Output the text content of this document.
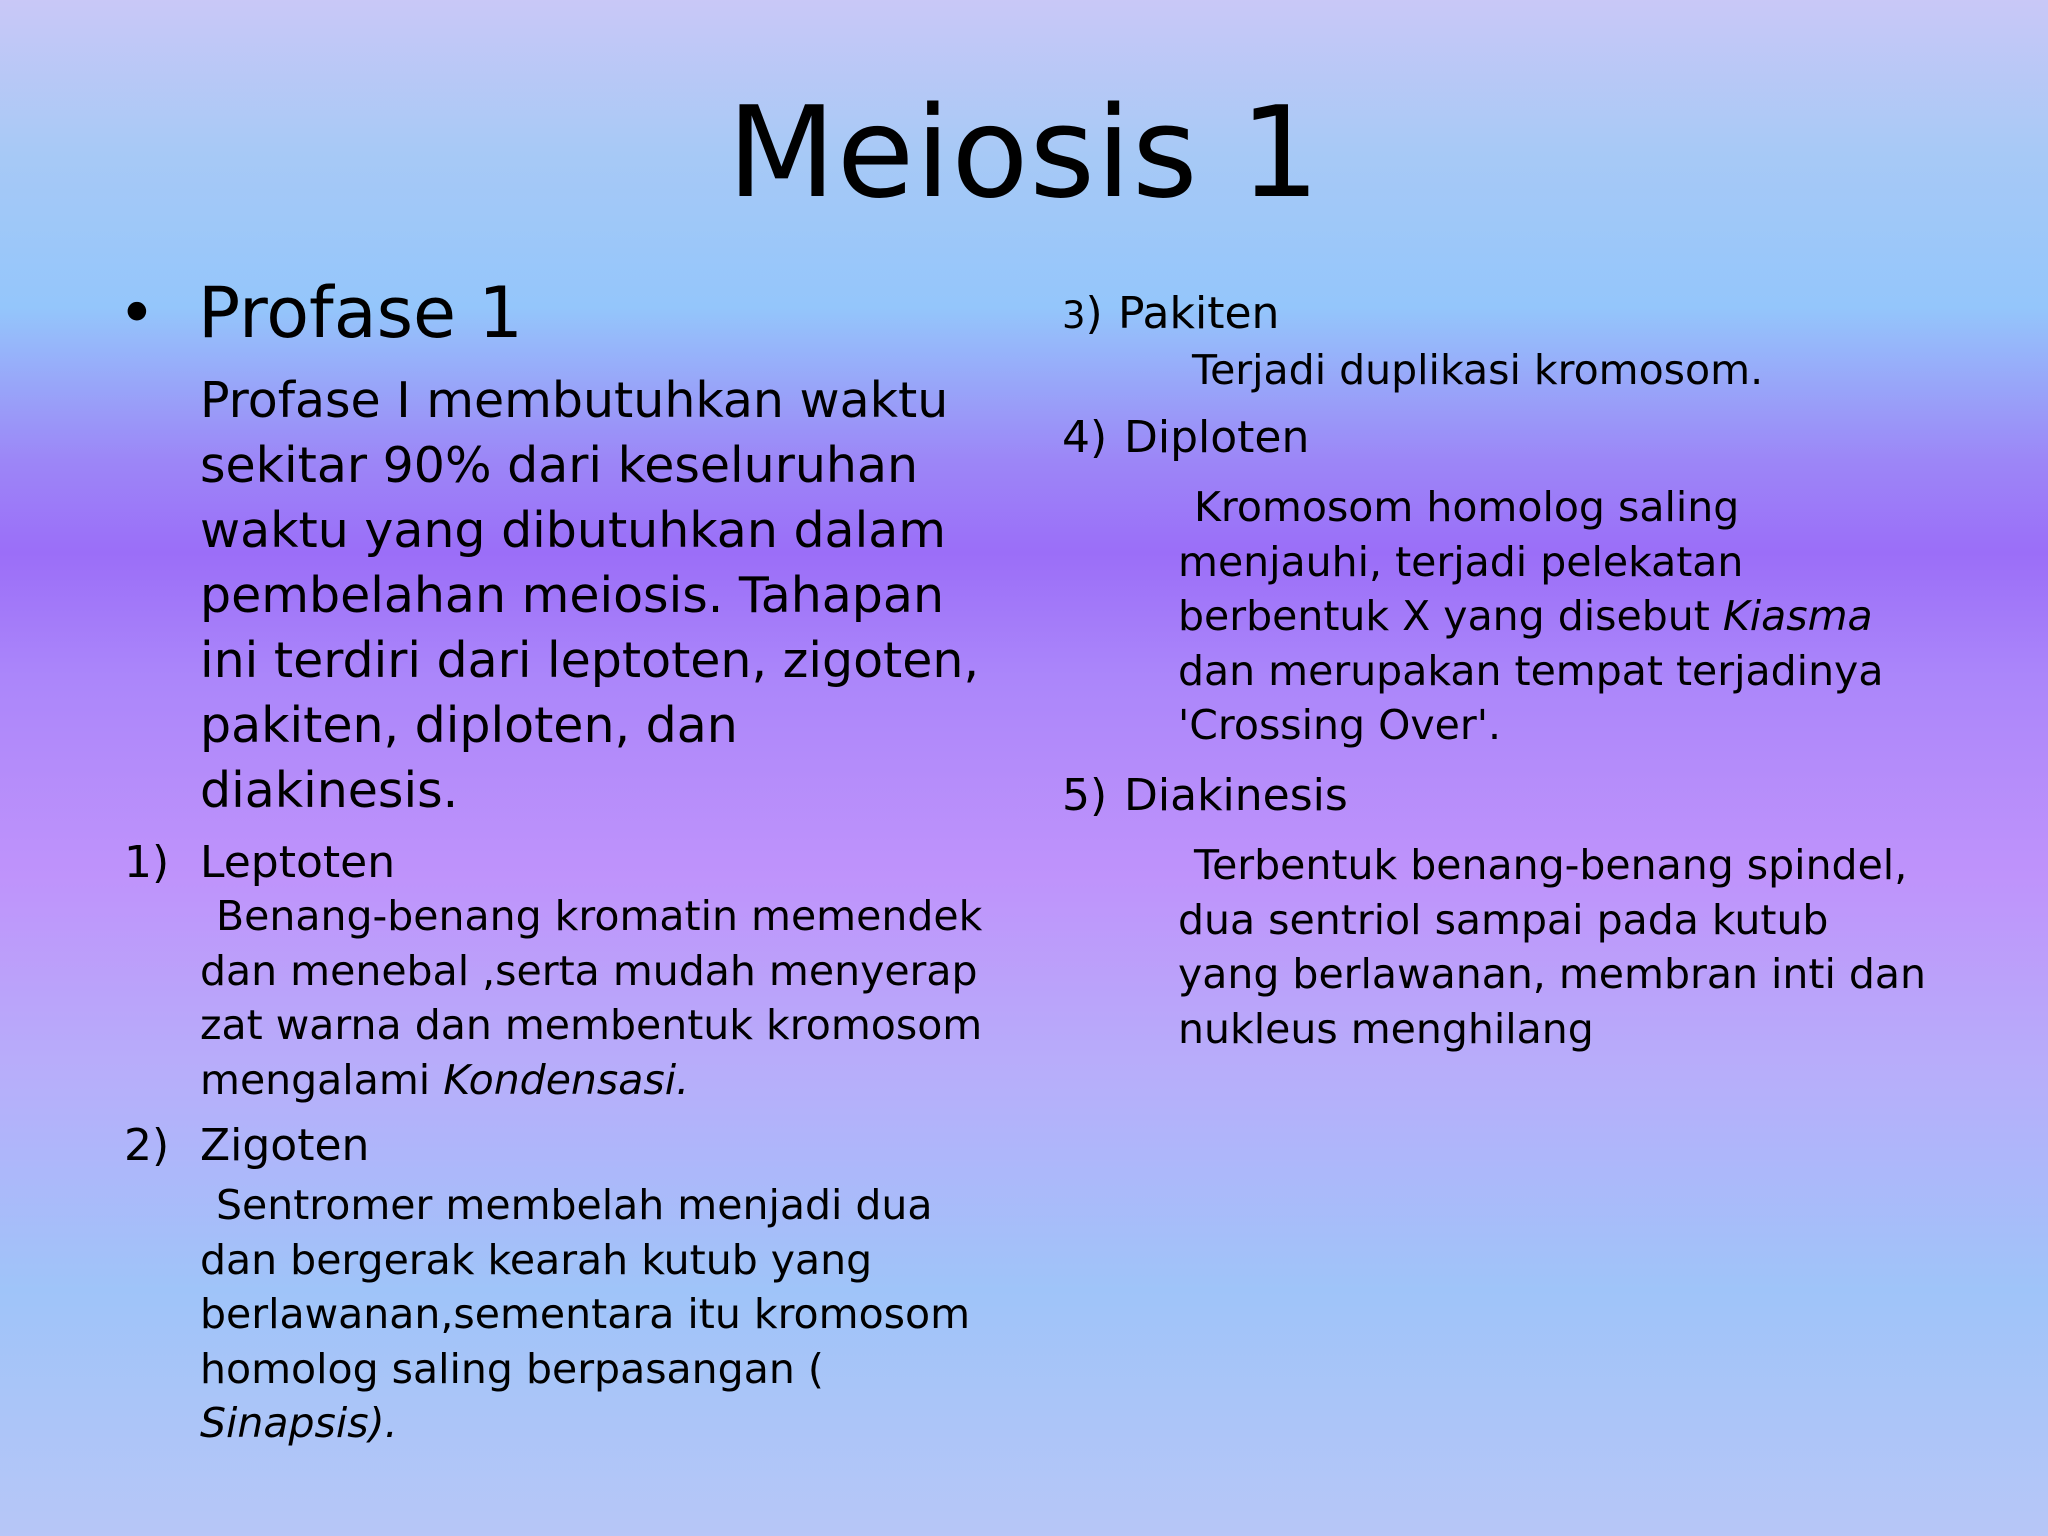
Meiosis 1
• Profase 1

Profase I membutuhkan waktu sekitar 90% dari keseluruhan waktu yang dibutuhkan dalam pembelahan meiosis. Tahapan ini terdiri dari leptoten, zigoten, pakiten, diploten, dan diakinesis.

1) Leptoten

Benang-benang kromatin memendek dan menebal ,serta mudah menyerap zat warna dan membentuk kromosom mengalami Kondensasi.

2) Zigoten

Sentromer membelah menjadi dua dan bergerak kearah kutub yang berlawanan,sementara itu kromosom homolog saling berpasangan ( Sinapsis).

3) Pakiten

Terjadi duplikasi kromosom.

4) Diploten

Kromosom homolog saling menjauhi, terjadi pelekatan berbentuk X yang disebut Kiasma dan merupakan tempat terjadinya 'Crossing Over'.

5) Diakinesis

Terbentuk benang-benang spindel, dua sentriol sampai pada kutub yang berlawanan, membran inti dan nukleus menghilang
